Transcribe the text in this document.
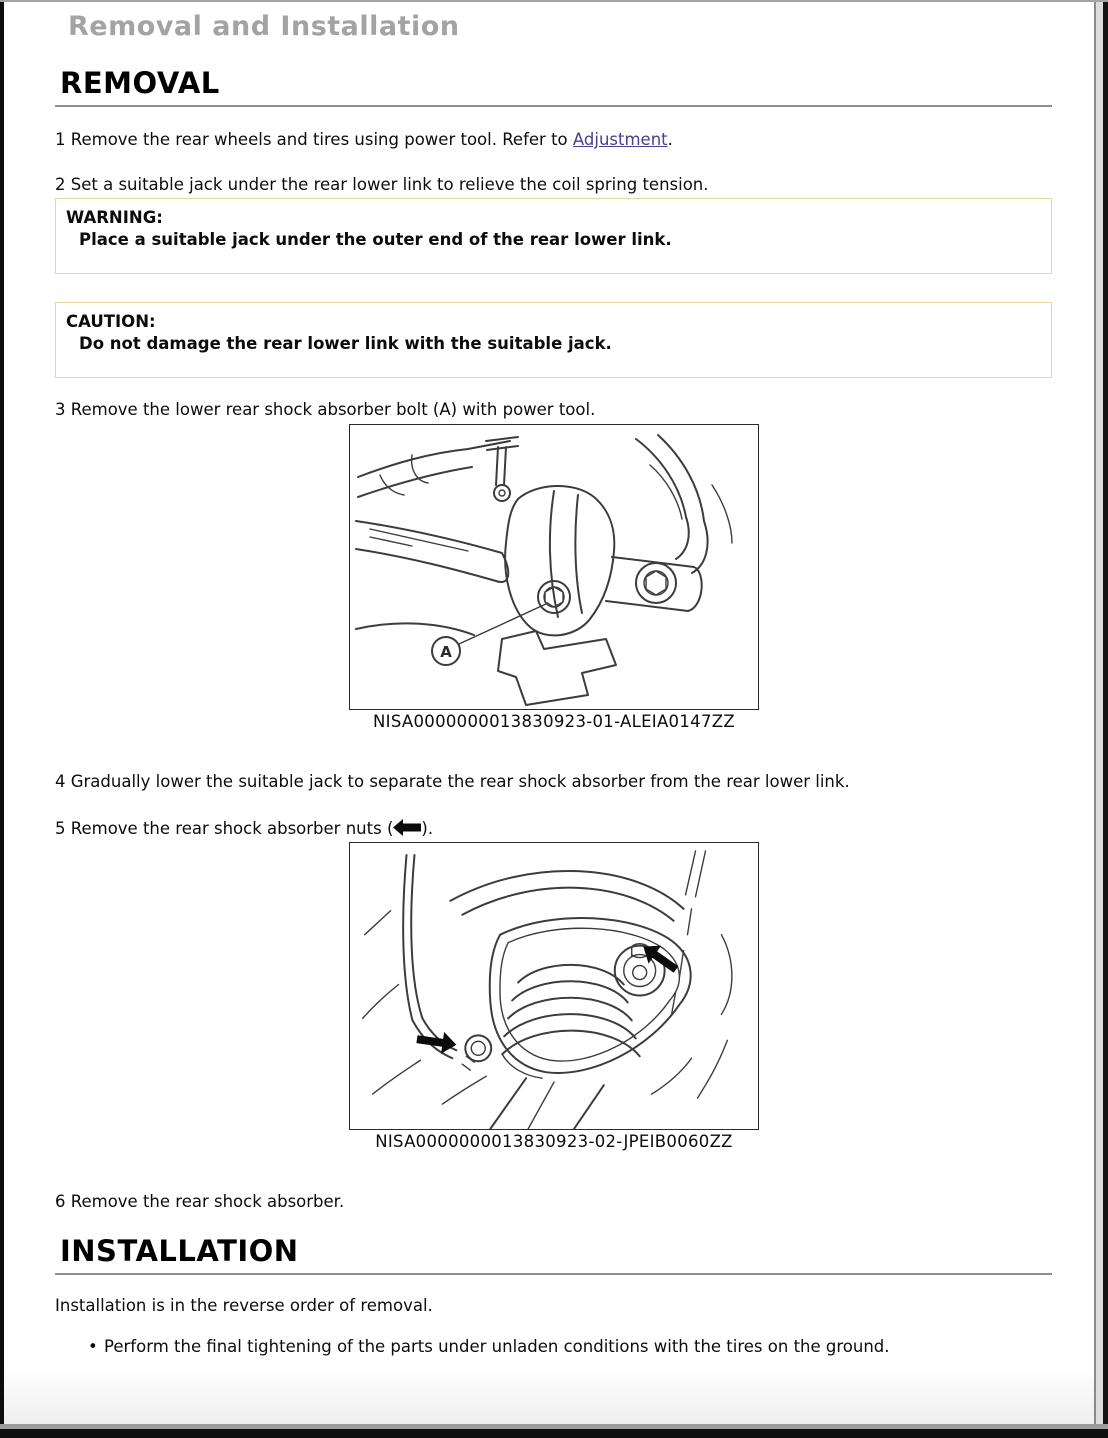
Removal and Installation
REMOVAL

1 Remove the rear wheels and tires using power tool. Refer to Adjustment.

2 Set a suitable jack under the rear lower link to relieve the coil spring tension.

WARNING:
Place a suitable jack under the outer end of the rear lower link.
CAUTION:
Do not damage the rear lower link with the suitable jack.

3 Remove the lower rear shock absorber bolt (A) with power tool.

A
NISA0000000013830923-01-ALEIA0147ZZ

4 Gradually lower the suitable jack to separate the rear shock absorber from the rear lower link.

5 Remove the rear shock absorber nuts ( ).

NISA0000000013830923-02-JPEIB0060ZZ

6 Remove the rear shock absorber.

INSTALLATION

Installation is in the reverse order of removal.

• Perform the final tightening of the parts under unladen conditions with the tires on the ground.
